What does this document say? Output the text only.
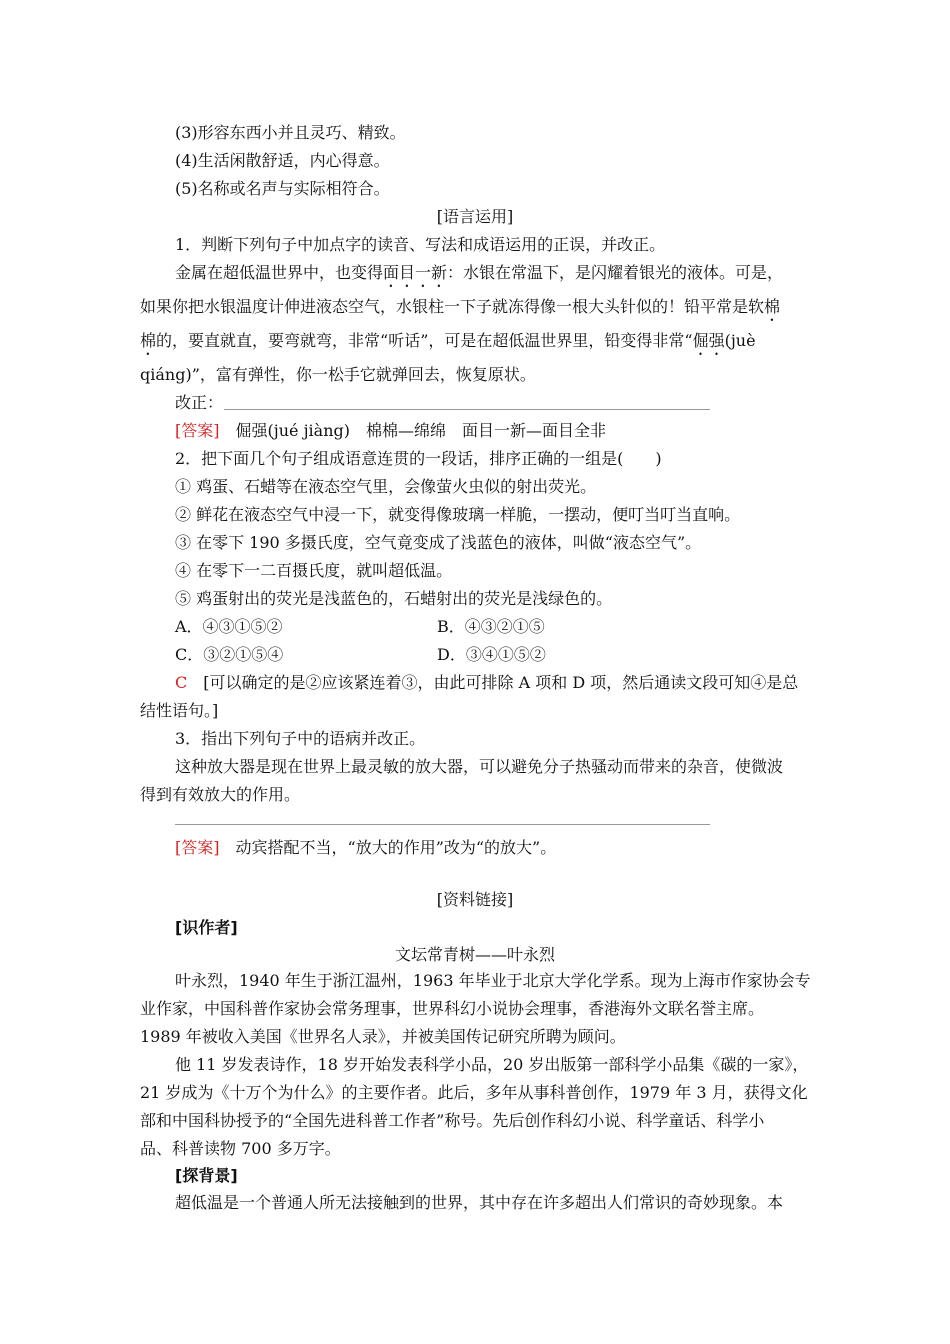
(3)形容东西小并且灵巧、精致。
(4)生活闲散舒适，内心得意。
(5)名称或名声与实际相符合。
[语言运用]
1．判断下列句子中加点字的读音、写法和成语运用的正误，并改正。
金属在超低温世界中，也变得面目一新：水银在常温下，是闪耀着银光的液体。可是，
如果你把水银温度计伸进液态空气，水银柱一下子就冻得像一根大头针似的！铅平常是软棉
棉的，要直就直，要弯就弯，非常“听话”，可是在超低温世界里，铅变得非常“倔强(juè
qiáng)”，富有弹性，你一松手它就弹回去，恢复原状。
改正：
[答案]　 倔强(jué jiàng)　棉棉—绵绵　面目一新—面目全非
2．把下面几个句子组成语意连贯的一段话，排序正确的一组是(　　)
① 鸡蛋、石蜡等在液态空气里，会像萤火虫似的射出荧光。
② 鲜花在液态空气中浸一下，就变得像玻璃一样脆，一摆动，便叮当叮当直响。
③ 在零下 190 多摄氏度，空气竟变成了浅蓝色的液体，叫做“液态空气”。
④ 在零下一二百摄氏度，就叫超低温。
⑤ 鸡蛋射出的荧光是浅蓝色的，石蜡射出的荧光是浅绿色的。
A．④③①⑤②	B．④③②①⑤
C．③②①⑤④	D．③④①⑤②
C　 [可以确定的是②应该紧连着③，由此可排除 A 项和 D 项，然后通读文段可知④是总
结性语句。]
3．指出下列句子中的语病并改正。
这种放大器是现在世界上最灵敏的放大器，可以避免分子热骚动而带来的杂音，使微波
得到有效放大的作用。
[答案]　 动宾搭配不当，“放大的作用”改为“的放大”。
[资料链接]
[识作者]
文坛常青树——叶永烈
叶永烈，1940 年生于浙江温州，1963 年毕业于北京大学化学系。现为上海市作家协会专
业作家，中国科普作家协会常务理事，世界科幻小说协会理事，香港海外文联名誉主席。
1989 年被收入美国《世界名人录》，并被美国传记研究所聘为顾问。
他 11 岁发表诗作，18 岁开始发表科学小品，20 岁出版第一部科学小品集《碳的一家》，
21 岁成为《十万个为什么》的主要作者。此后，多年从事科普创作，1979 年 3 月，获得文化
部和中国科协授予的“全国先进科普工作者”称号。先后创作科幻小说、科学童话、科学小
品、科普读物 700 多万字。
[探背景]
超低温是一个普通人所无法接触到的世界，其中存在许多超出人们常识的奇妙现象。本
